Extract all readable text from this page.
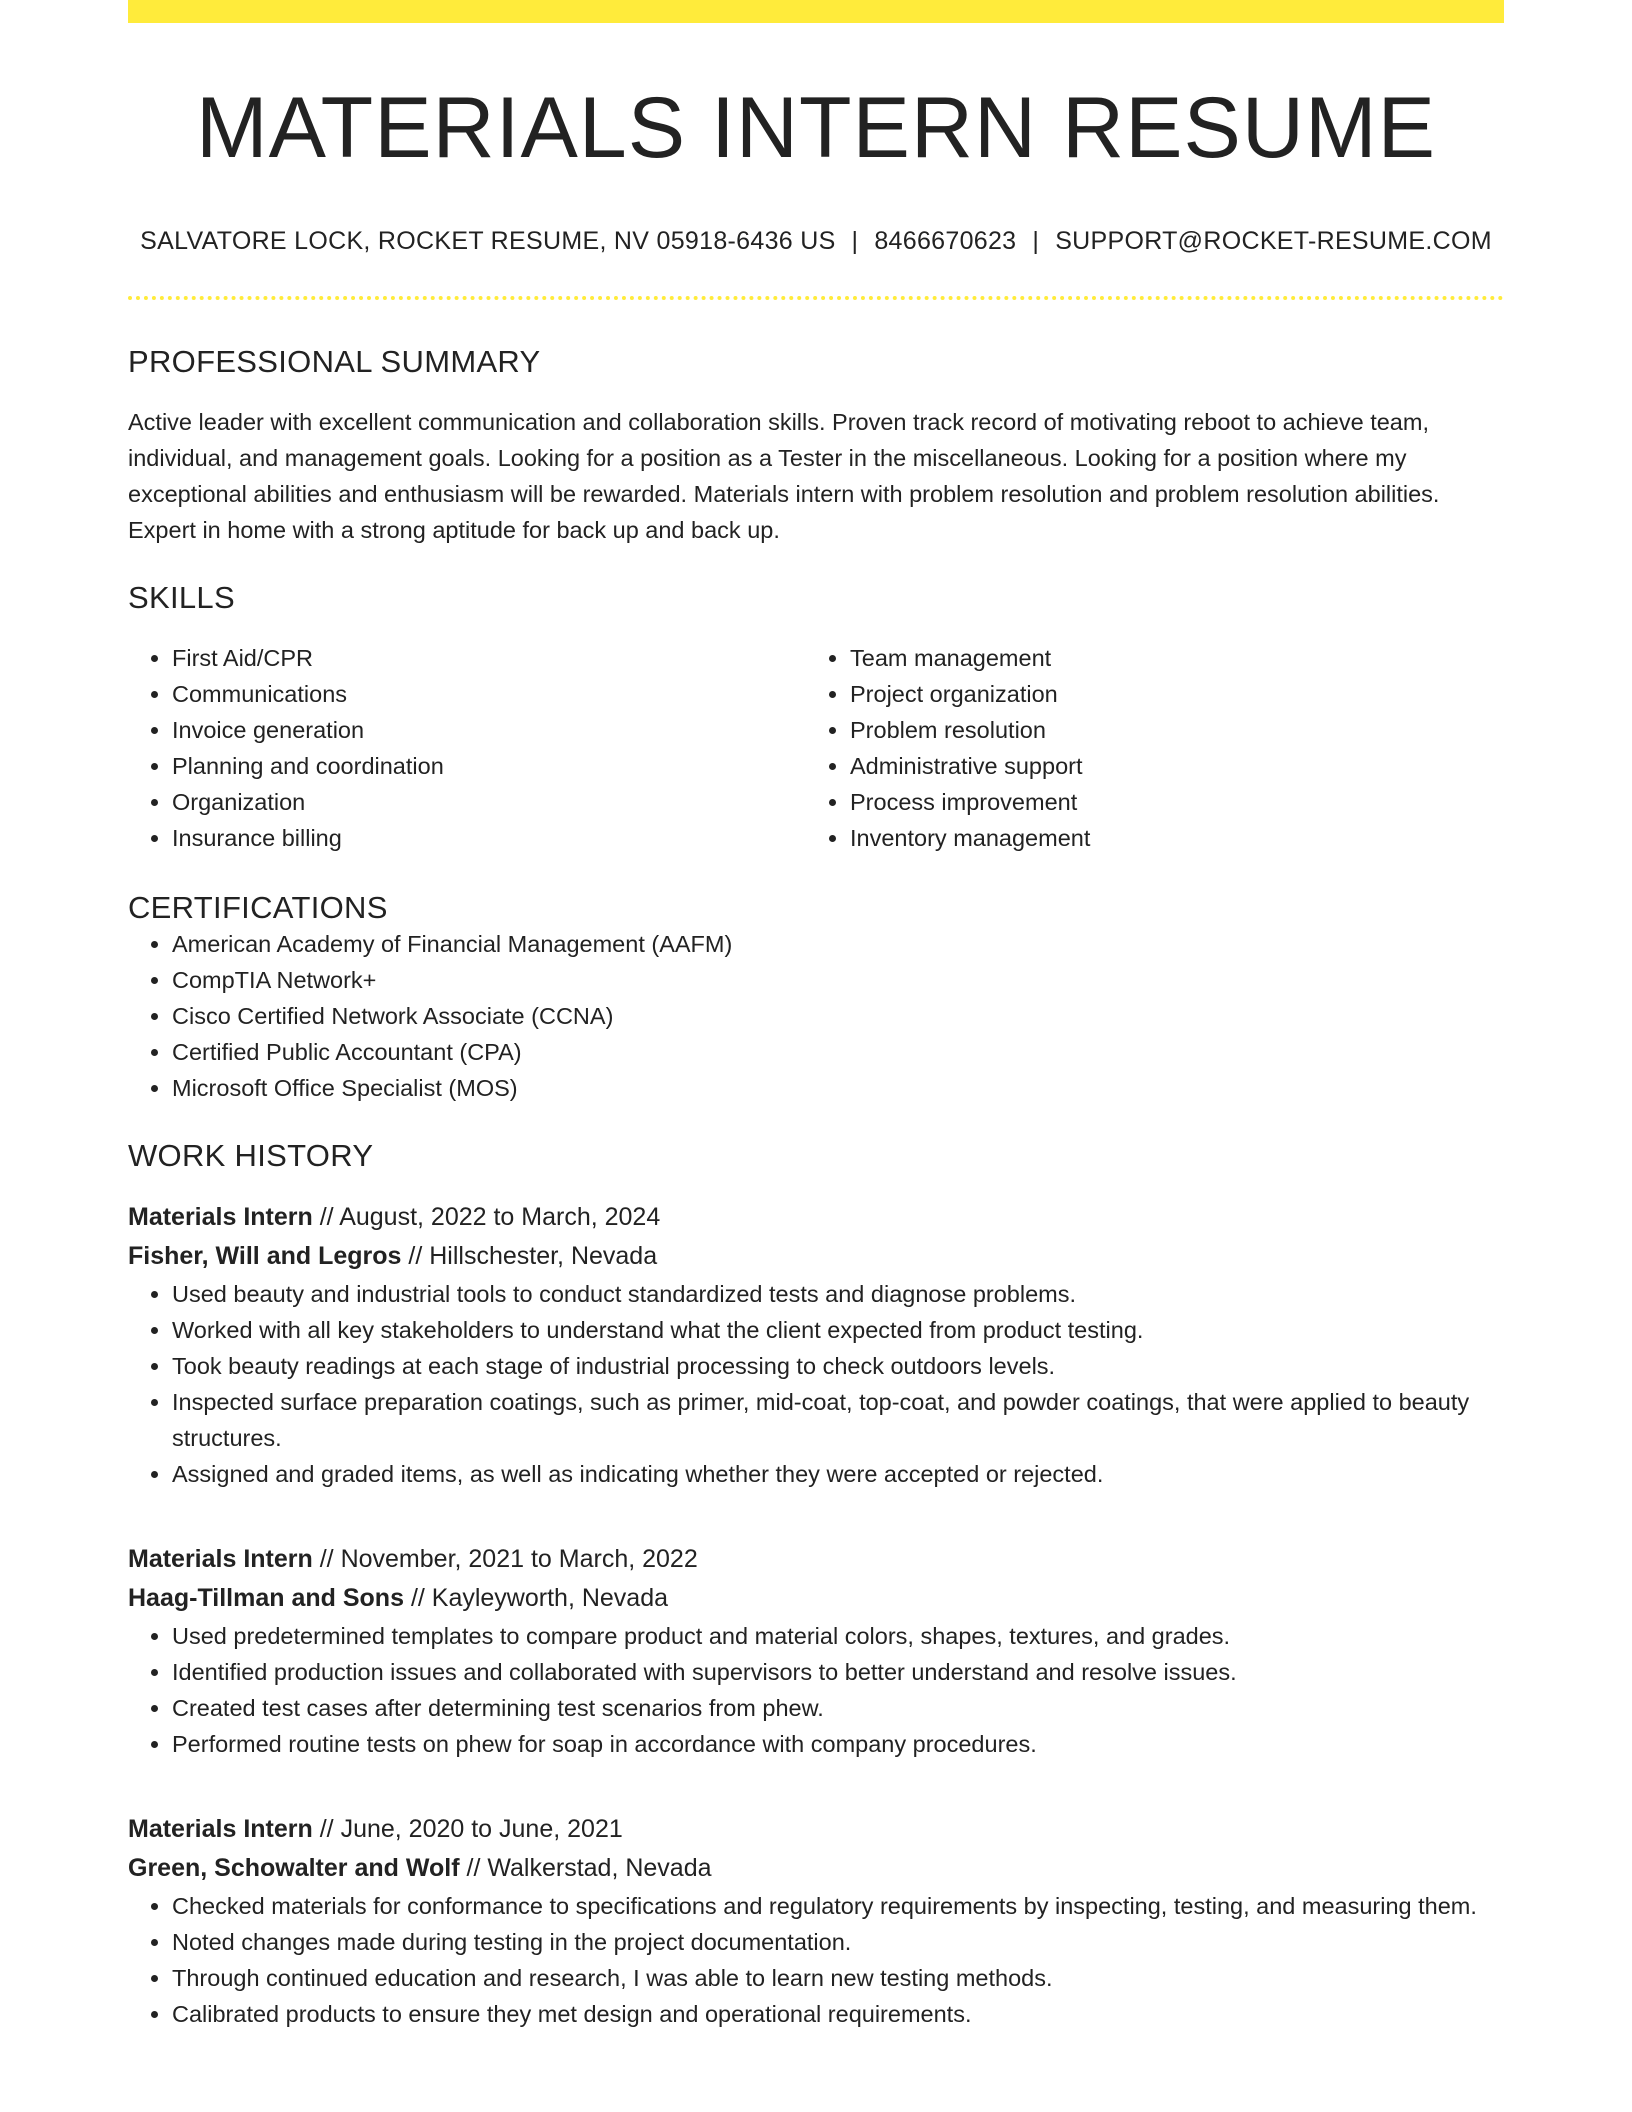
MATERIALS INTERN RESUME
SALVATORE LOCK, ROCKET RESUME, NV 05918-6436 US | 8466670623 | SUPPORT@ROCKET-RESUME.COM
PROFESSIONAL SUMMARY
Active leader with excellent communication and collaboration skills. Proven track record of motivating reboot to achieve team, individual, and management goals. Looking for a position as a Tester in the miscellaneous. Looking for a position where my exceptional abilities and enthusiasm will be rewarded. Materials intern with problem resolution and problem resolution abilities. Expert in home with a strong aptitude for back up and back up.
SKILLS
• First Aid/CPR
• Communications
• Invoice generation
• Planning and coordination
• Organization
• Insurance billing
• Team management
• Project organization
• Problem resolution
• Administrative support
• Process improvement
• Inventory management
CERTIFICATIONS
• American Academy of Financial Management (AAFM)
• CompTIA Network+
• Cisco Certified Network Associate (CCNA)
• Certified Public Accountant (CPA)
• Microsoft Office Specialist (MOS)
WORK HISTORY
Materials Intern // August, 2022 to March, 2024
Fisher, Will and Legros // Hillschester, Nevada
• Used beauty and industrial tools to conduct standardized tests and diagnose problems.
• Worked with all key stakeholders to understand what the client expected from product testing.
• Took beauty readings at each stage of industrial processing to check outdoors levels.
• Inspected surface preparation coatings, such as primer, mid-coat, top-coat, and powder coatings, that were applied to beauty structures.
• Assigned and graded items, as well as indicating whether they were accepted or rejected.
Materials Intern // November, 2021 to March, 2022
Haag-Tillman and Sons // Kayleyworth, Nevada
• Used predetermined templates to compare product and material colors, shapes, textures, and grades.
• Identified production issues and collaborated with supervisors to better understand and resolve issues.
• Created test cases after determining test scenarios from phew.
• Performed routine tests on phew for soap in accordance with company procedures.
Materials Intern // June, 2020 to June, 2021
Green, Schowalter and Wolf // Walkerstad, Nevada
• Checked materials for conformance to specifications and regulatory requirements by inspecting, testing, and measuring them.
• Noted changes made during testing in the project documentation.
• Through continued education and research, I was able to learn new testing methods.
• Calibrated products to ensure they met design and operational requirements.
